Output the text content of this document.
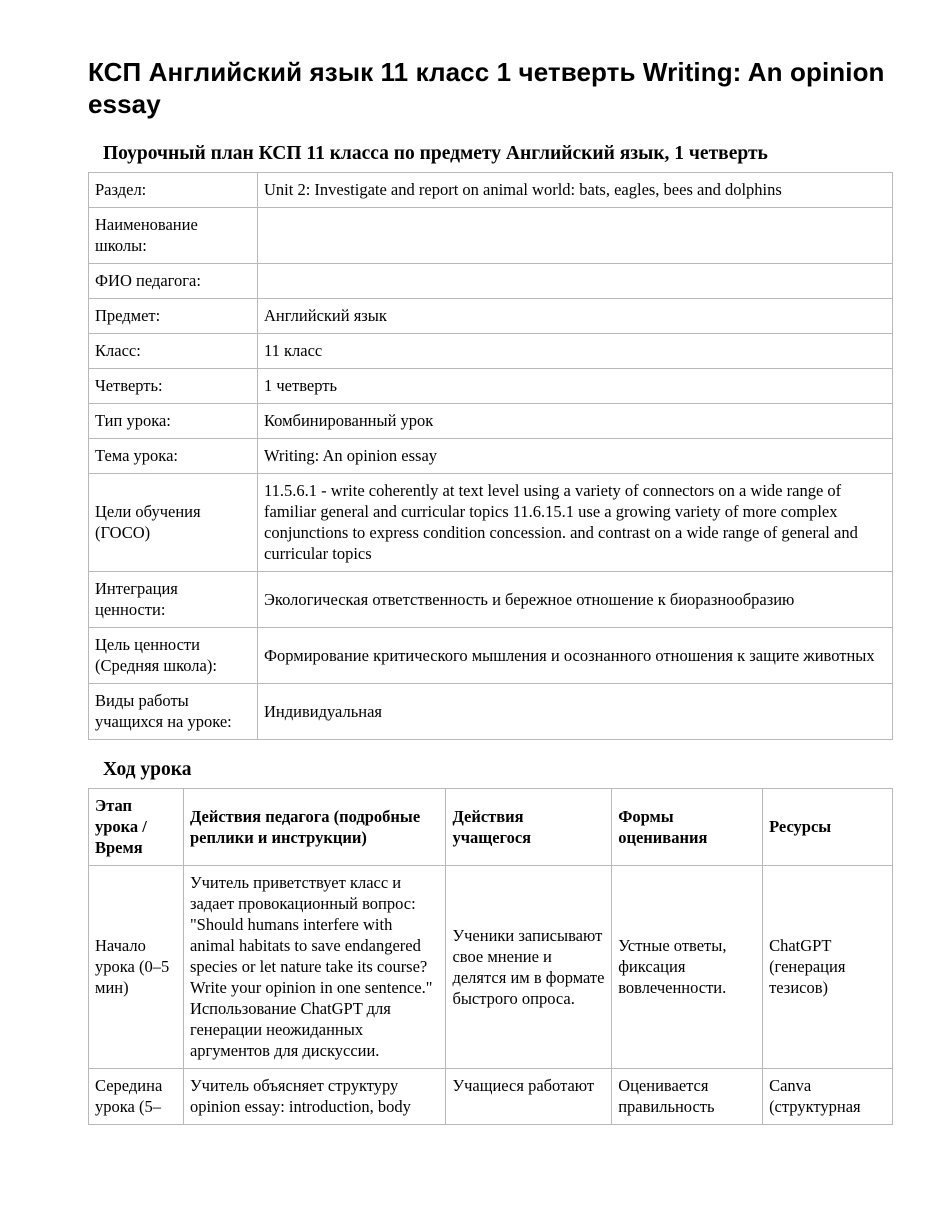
КСП Английский язык 11 класс 1 четверть Writing: An opinion essay
Поурочный план КСП 11 класса по предмету Английский язык, 1 четверть
Раздел:	Unit 2: Investigate and report on animal world: bats, eagles, bees and dolphins
Наименование школы:	
ФИО педагога:	
Предмет:	Английский язык
Класс:	11 класс
Четверть:	1 четверть
Тип урока:	Комбинированный урок
Тема урока:	Writing: An opinion essay
Цели обучения (ГОСО)	11.5.6.1 - write coherently at text level using a variety of connectors on a wide range of familiar general and curricular topics 11.6.15.1 use a growing variety of more complex conjunctions to express condition concession. and contrast on a wide range of general and curricular topics
Интеграция ценности:	Экологическая ответственность и бережное отношение к биоразнообразию
Цель ценности (Средняя школа):	Формирование критического мышления и осознанного отношения к защите животных
Виды работы учащихся на уроке:	Индивидуальная
Ход урока
Этап урока / Время	Действия педагога (подробные реплики и инструкции)	Действия учащегося	Формы оценивания	Ресурсы
Начало урока (0–5 мин)	Учитель приветствует класс и задает провокационный вопрос: "Should humans interfere with animal habitats to save endangered species or let nature take its course? Write your opinion in one sentence." Использование ChatGPT для генерации неожиданных аргументов для дискуссии.	Ученики записывают свое мнение и делятся им в формате быстрого опроса.	Устные ответы, фиксация вовлеченности.	ChatGPT (генерация тезисов)
Середина урока (5–	Учитель объясняет структуру opinion essay: introduction, body	Учащиеся работают	Оценивается правильность	Canva (структурная
